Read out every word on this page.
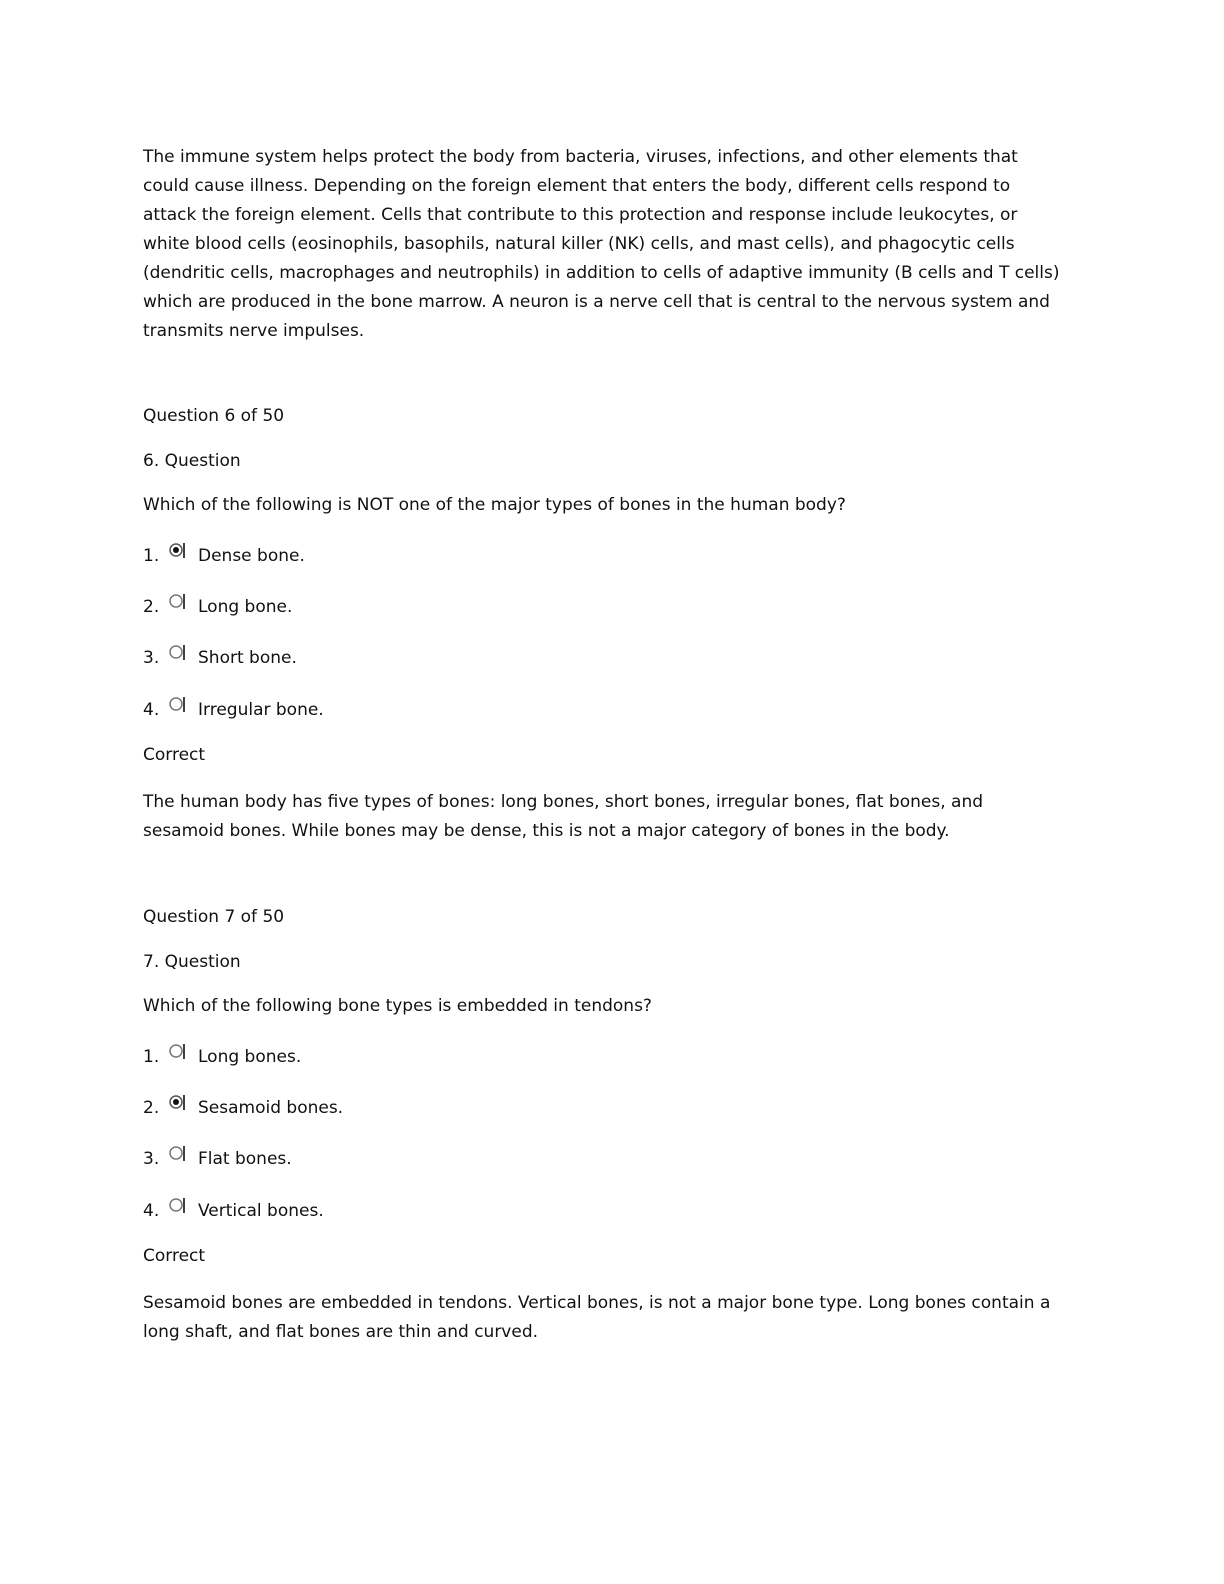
The immune system helps protect the body from bacteria, viruses, infections, and other elements that could cause illness. Depending on the foreign element that enters the body, different cells respond to attack the foreign element. Cells that contribute to this protection and response include leukocytes, or white blood cells (eosinophils, basophils, natural killer (NK) cells, and mast cells), and phagocytic cells (dendritic cells, macrophages and neutrophils) in addition to cells of adaptive immunity (B cells and T cells) which are produced in the bone marrow. A neuron is a nerve cell that is central to the nervous system and transmits nerve impulses.

Question 6 of 50
6. Question
Which of the following is NOT one of the major types of bones in the human body?
1. Dense bone.
2. Long bone.
3. Short bone.
4. Irregular bone.
Correct

The human body has five types of bones: long bones, short bones, irregular bones, flat bones, and sesamoid bones. While bones may be dense, this is not a major category of bones in the body.

Question 7 of 50
7. Question
Which of the following bone types is embedded in tendons?
1. Long bones.
2. Sesamoid bones.
3. Flat bones.
4. Vertical bones.
Correct

Sesamoid bones are embedded in tendons. Vertical bones, is not a major bone type. Long bones contain a long shaft, and flat bones are thin and curved.
